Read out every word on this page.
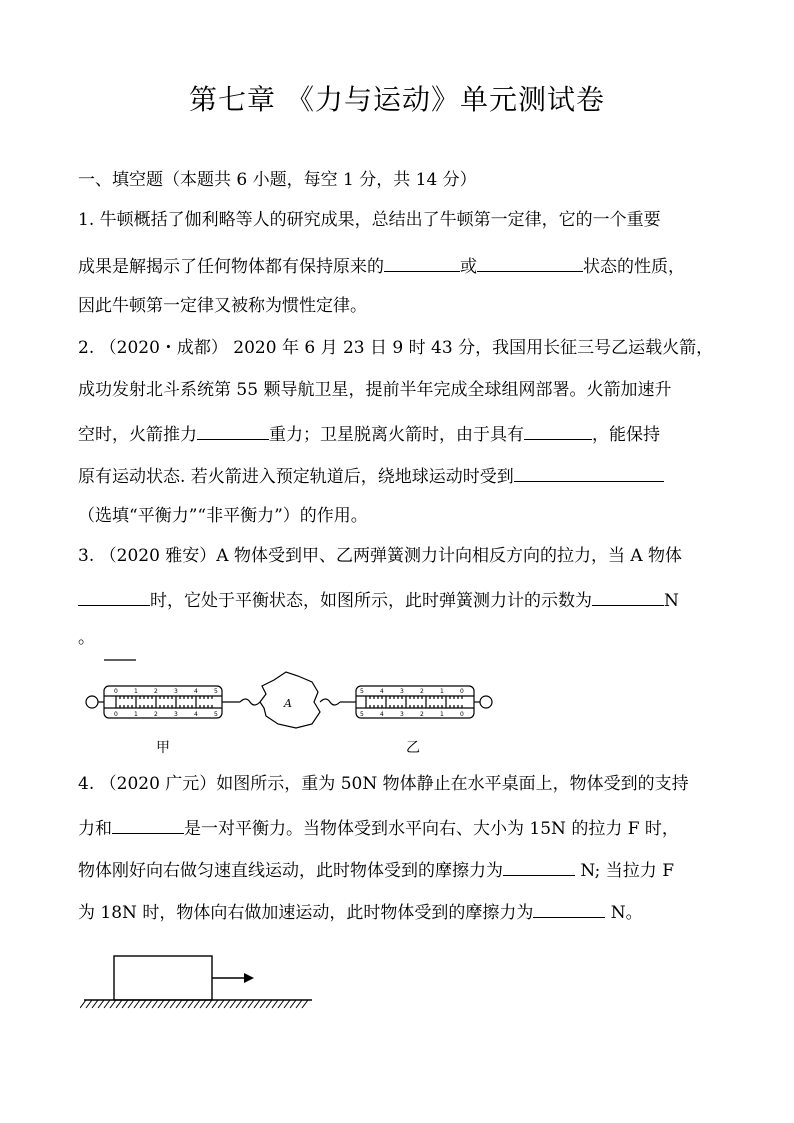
第七章 《力与运动》单元测试卷
一、填空题（本题共 6 小题，每空 1 分，共 14 分）
1. 牛顿概括了伽利略等人的研究成果，总结出了牛顿第一定律，它的一个重要
成果是解揭示了任何物体都有保持原来的	或	状态的性质，
因此牛顿第一定律又被称为惯性定律。
2. （2020・成都） 2020 年 6 月 23 日 9 时 43 分，我国用长征三号乙运载火箭，
成功发射北斗系统第 55 颗导航卫星，提前半年完成全球组网部署。火箭加速升
空时，火箭推力	重力；卫星脱离火箭时，由于具有	，能保持
原有运动状态. 若火箭进入预定轨道后，绕地球运动时受到
（选填“平衡力”“非平衡力”）的作用。
3. （2020 雅安）A 物体受到甲、乙两弹簧测力计向相反方向的拉力，当 A 物体
时，它处于平衡状态，如图所示，此时弹簧测力计的示数为	N
。
A
0
0
0
0
1
1
1
1
2
2
2
2
3
3
3
3
4
4
4
4
5
5
5
5
甲	乙
4. （2020 广元）如图所示，重为 50N 物体静止在水平桌面上，物体受到的支持
力和	是一对平衡力。当物体受到水平向右、大小为 15N 的拉力 F 时，
物体刚好向右做匀速直线运动，此时物体受到的摩擦力为	N; 当拉力 F
为 18N 时，物体向右做加速运动，此时物体受到的摩擦力为	N。
